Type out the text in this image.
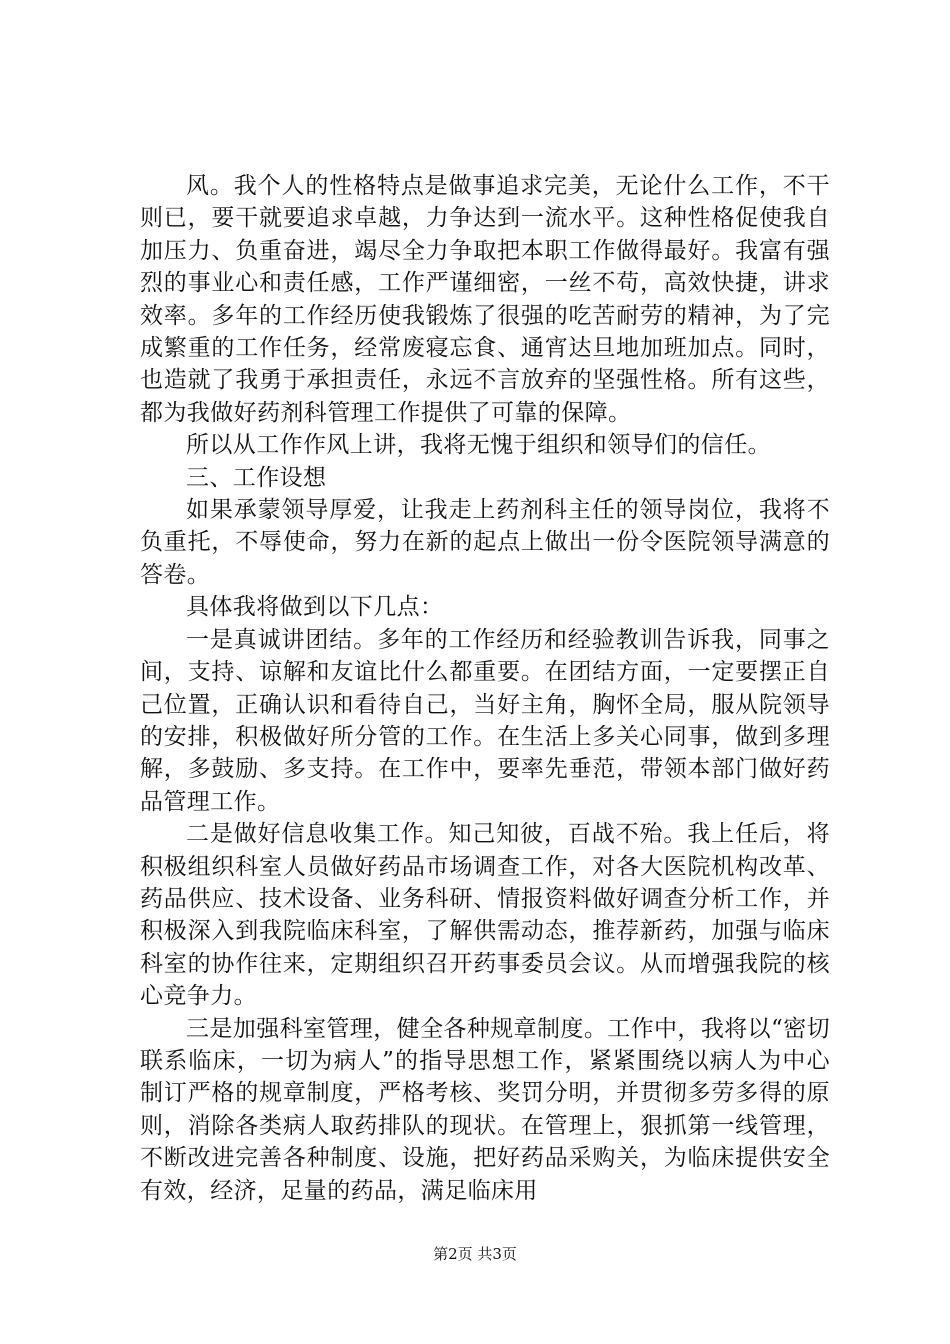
风。我个人的性格特点是做事追求完美，无论什么工作，不干则已，要干就要追求卓越，力争达到一流水平。这种性格促使我自加压力、负重奋进，竭尽全力争取把本职工作做得最好。我富有强烈的事业心和责任感，工作严谨细密，一丝不苟，高效快捷，讲求效率。多年的工作经历使我锻炼了很强的吃苦耐劳的精神，为了完成繁重的工作任务，经常废寝忘食、通宵达旦地加班加点。同时，也造就了我勇于承担责任，永远不言放弃的坚强性格。所有这些，都为我做好药剂科管理工作提供了可靠的保障。

所以从工作作风上讲，我将无愧于组织和领导们的信任。

三、工作设想

如果承蒙领导厚爱，让我走上药剂科主任的领导岗位，我将不负重托，不辱使命，努力在新的起点上做出一份令医院领导满意的答卷。

具体我将做到以下几点：

一是真诚讲团结。多年的工作经历和经验教训告诉我，同事之间，支持、谅解和友谊比什么都重要。在团结方面，一定要摆正自己位置，正确认识和看待自己，当好主角，胸怀全局，服从院领导的安排，积极做好所分管的工作。在生活上多关心同事，做到多理解，多鼓励、多支持。在工作中，要率先垂范，带领本部门做好药品管理工作。

二是做好信息收集工作。知己知彼，百战不殆。我上任后，将积极组织科室人员做好药品市场调查工作，对各大医院机构改革、药品供应、技术设备、业务科研、情报资料做好调查分析工作，并积极深入到我院临床科室，了解供需动态，推荐新药，加强与临床科室的协作往来，定期组织召开药事委员会议。从而增强我院的核心竞争力。

三是加强科室管理，健全各种规章制度。工作中，我将以“密切联系临床，一切为病人”的指导思想工作，紧紧围绕以病人为中心制订严格的规章制度，严格考核、奖罚分明，并贯彻多劳多得的原则，消除各类病人取药排队的现状。在管理上，狠抓第一线管理，不断改进完善各种制度、设施，把好药品采购关，为临床提供安全有效，经济，足量的药品，满足临床用

第2页 共3页
